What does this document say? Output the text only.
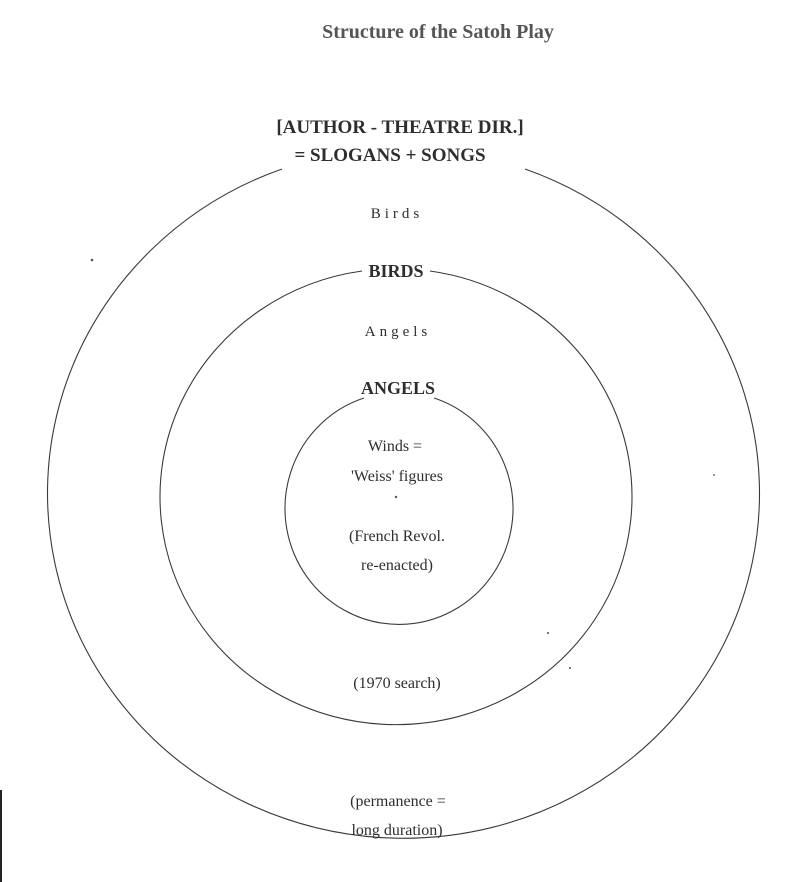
Structure of the Satoh Play
[AUTHOR - THEATRE DIR.]
= SLOGANS + SONGS
Birds
BIRDS
Angels
ANGELS
Winds =
'Weiss' figures
(French Revol.
re-enacted)
(1970 search)
(permanence =
long duration)
